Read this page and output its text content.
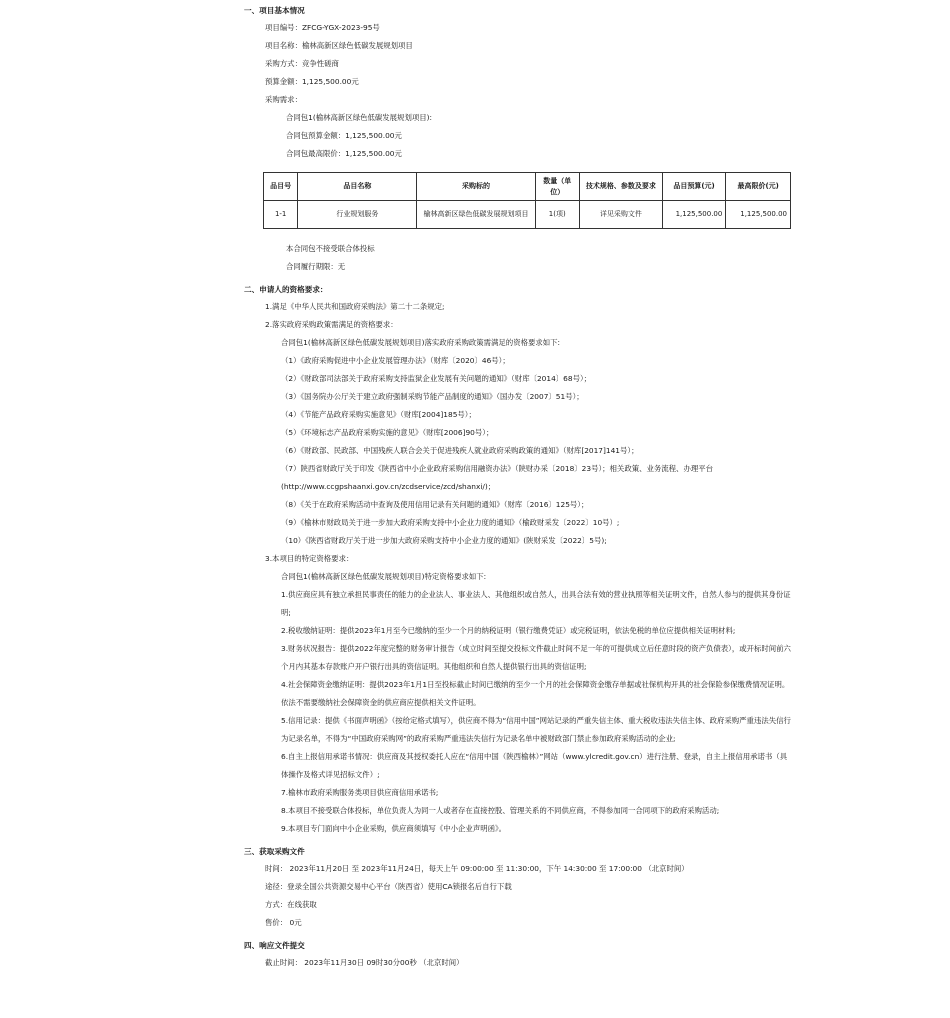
一、项目基本情况
项目编号：ZFCG-YGX-2023-95号
项目名称：榆林高新区绿色低碳发展规划项目
采购方式：竞争性磋商
预算金额：1,125,500.00元
采购需求：
合同包1(榆林高新区绿色低碳发展规划项目):
合同包预算金额：1,125,500.00元
合同包最高限价：1,125,500.00元
品目号	品目名称	采购标的	数量（单位）	技术规格、参数及要求	品目预算(元)	最高限价(元)
1-1	行业规划服务	榆林高新区绿色低碳发展规划项目	1(项)	详见采购文件	1,125,500.00	1,125,500.00
本合同包不接受联合体投标
合同履行期限：无
二、申请人的资格要求：
1.满足《中华人民共和国政府采购法》第二十二条规定;
2.落实政府采购政策需满足的资格要求：
合同包1(榆林高新区绿色低碳发展规划项目)落实政府采购政策需满足的资格要求如下:
（1）《政府采购促进中小企业发展管理办法》（财库〔2020〕46号）；
（2）《财政部司法部关于政府采购支持监狱企业发展有关问题的通知》（财库〔2014〕68号）；
（3）《国务院办公厅关于建立政府强制采购节能产品制度的通知》（国办发〔2007〕51号）；
（4）《节能产品政府采购实施意见》（财库[2004]185号）；
（5）《环境标志产品政府采购实施的意见》（财库[2006]90号）；
（6）《财政部、民政部、中国残疾人联合会关于促进残疾人就业政府采购政策的通知》（财库[2017]141号）；
（7）陕西省财政厅关于印发《陕西省中小企业政府采购信用融资办法》（陕财办采〔2018〕23号）；相关政策、业务流程、办理平台(http://www.ccgpshaanxi.gov.cn/zcdservice/zcd/shanxi/)；
（8）《关于在政府采购活动中查询及使用信用记录有关问题的通知》（财库〔2016〕125号）；
（9）《榆林市财政局关于进一步加大政府采购支持中小企业力度的通知》（榆政财采发〔2022〕10号）;
（10）《陕西省财政厅关于进一步加大政府采购支持中小企业力度的通知》(陕财采发〔2022〕5号);
3.本项目的特定资格要求：
合同包1(榆林高新区绿色低碳发展规划项目)特定资格要求如下:
1.供应商应具有独立承担民事责任的能力的企业法人、事业法人、其他组织或自然人，出具合法有效的营业执照等相关证明文件，自然人参与的提供其身份证明;
2.税收缴纳证明：提供2023年1月至今已缴纳的至少一个月的纳税证明（银行缴费凭证）或完税证明，依法免税的单位应提供相关证明材料;
3.财务状况报告：提供2022年度完整的财务审计报告（成立时间至提交投标文件截止时间不足一年的可提供成立后任意时段的资产负债表），或开标时间前六个月内其基本存款账户开户银行出具的资信证明。其他组织和自然人提供银行出具的资信证明;
4.社会保障资金缴纳证明：提供2023年1月1日至投标截止时间已缴纳的至少一个月的社会保障资金缴存单据或社保机构开具的社会保险参保缴费情况证明。依法不需要缴纳社会保障资金的供应商应提供相关文件证明。
5.信用记录：提供《书面声明函》（按给定格式填写），供应商不得为“信用中国”网站记录的严重失信主体、重大税收违法失信主体、政府采购严重违法失信行为记录名单，不得为“中国政府采购网”的政府采购严重违法失信行为记录名单中被财政部门禁止参加政府采购活动的企业;
6.自主上报信用承诺书情况：供应商及其授权委托人应在“信用中国（陕西榆林）”网站（www.ylcredit.gov.cn）进行注册、登录，自主上报信用承诺书（具体操作及格式详见招标文件）;
7.榆林市政府采购服务类项目供应商信用承诺书;
8.本项目不接受联合体投标，单位负责人为同一人或者存在直接控股、管理关系的不同供应商，不得参加同一合同项下的政府采购活动;
9.本项目专门面向中小企业采购，供应商须填写《中小企业声明函》。
三、获取采购文件
时间： 2023年11月20日 至 2023年11月24日，每天上午 09:00:00 至 11:30:00，下午 14:30:00 至 17:00:00 （北京时间）
途径：登录全国公共资源交易中心平台（陕西省）使用CA锁报名后自行下载
方式：在线获取
售价： 0元
四、响应文件提交
截止时间： 2023年11月30日 09时30分00秒 （北京时间）
